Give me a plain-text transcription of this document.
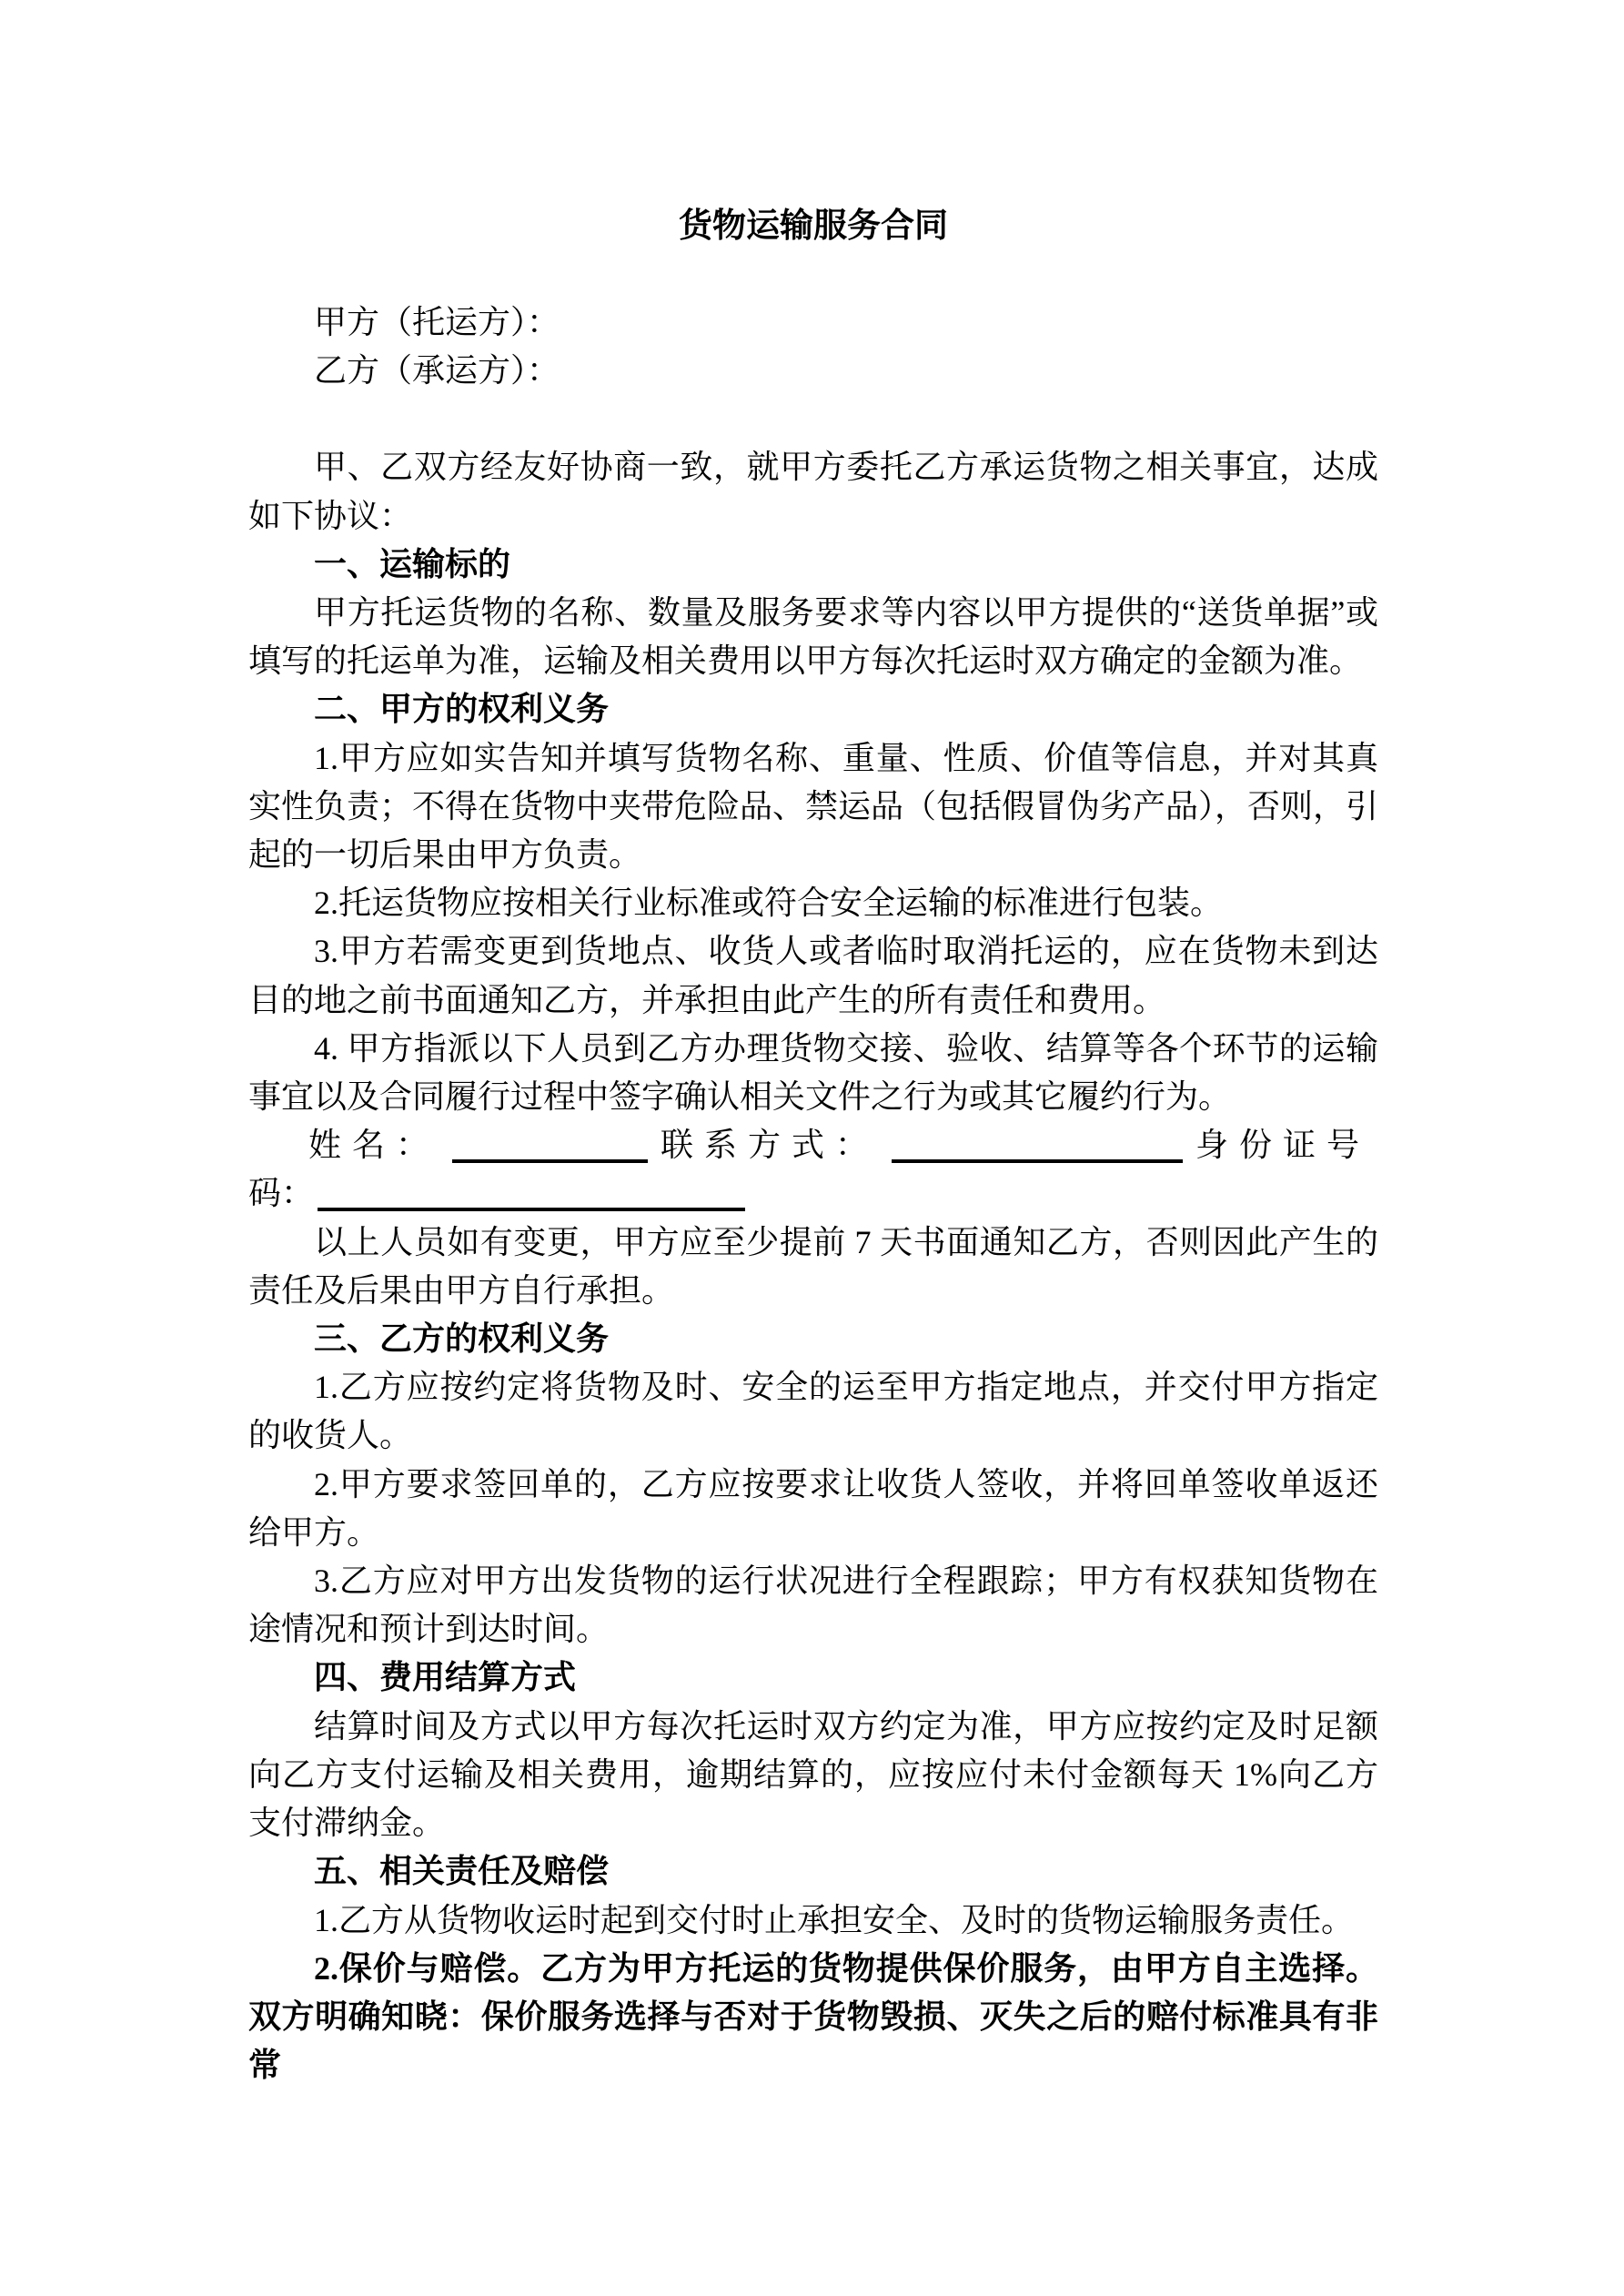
货物运输服务合同

甲方（托运方）：

乙方（承运方）：

甲、乙双方经友好协商一致，就甲方委托乙方承运货物之相关事宜，达成如下协议：

一、运输标的

甲方托运货物的名称、数量及服务要求等内容以甲方提供的“送货单据”或填写的托运单为准，运输及相关费用以甲方每次托运时双方确定的金额为准。

二、甲方的权利义务

1.甲方应如实告知并填写货物名称、重量、性质、价值等信息，并对其真实性负责；不得在货物中夹带危险品、禁运品（包括假冒伪劣产品），否则，引起的一切后果由甲方负责。

2.托运货物应按相关行业标准或符合安全运输的标准进行包装。

3.甲方若需变更到货地点、收货人或者临时取消托运的，应在货物未到达目的地之前书面通知乙方，并承担由此产生的所有责任和费用。

4. 甲方指派以下人员到乙方办理货物交接、验收、结算等各个环节的运输事宜以及合同履行过程中签字确认相关文件之行为或其它履约行为。

姓名：	联系方式：	身份证号
码：

以上人员如有变更，甲方应至少提前 7 天书面通知乙方，否则因此产生的责任及后果由甲方自行承担。

三、乙方的权利义务

1.乙方应按约定将货物及时、安全的运至甲方指定地点，并交付甲方指定的收货人。

2.甲方要求签回单的，乙方应按要求让收货人签收，并将回单签收单返还给甲方。

3.乙方应对甲方出发货物的运行状况进行全程跟踪；甲方有权获知货物在途情况和预计到达时间。

四、费用结算方式

结算时间及方式以甲方每次托运时双方约定为准，甲方应按约定及时足额向乙方支付运输及相关费用，逾期结算的，应按应付未付金额每天 1%向乙方支付滞纳金。

五、相关责任及赔偿

1.乙方从货物收运时起到交付时止承担安全、及时的货物运输服务责任。

2.保价与赔偿。乙方为甲方托运的货物提供保价服务，由甲方自主选择。双方明确知晓：保价服务选择与否对于货物毁损、灭失之后的赔付标准具有非常
